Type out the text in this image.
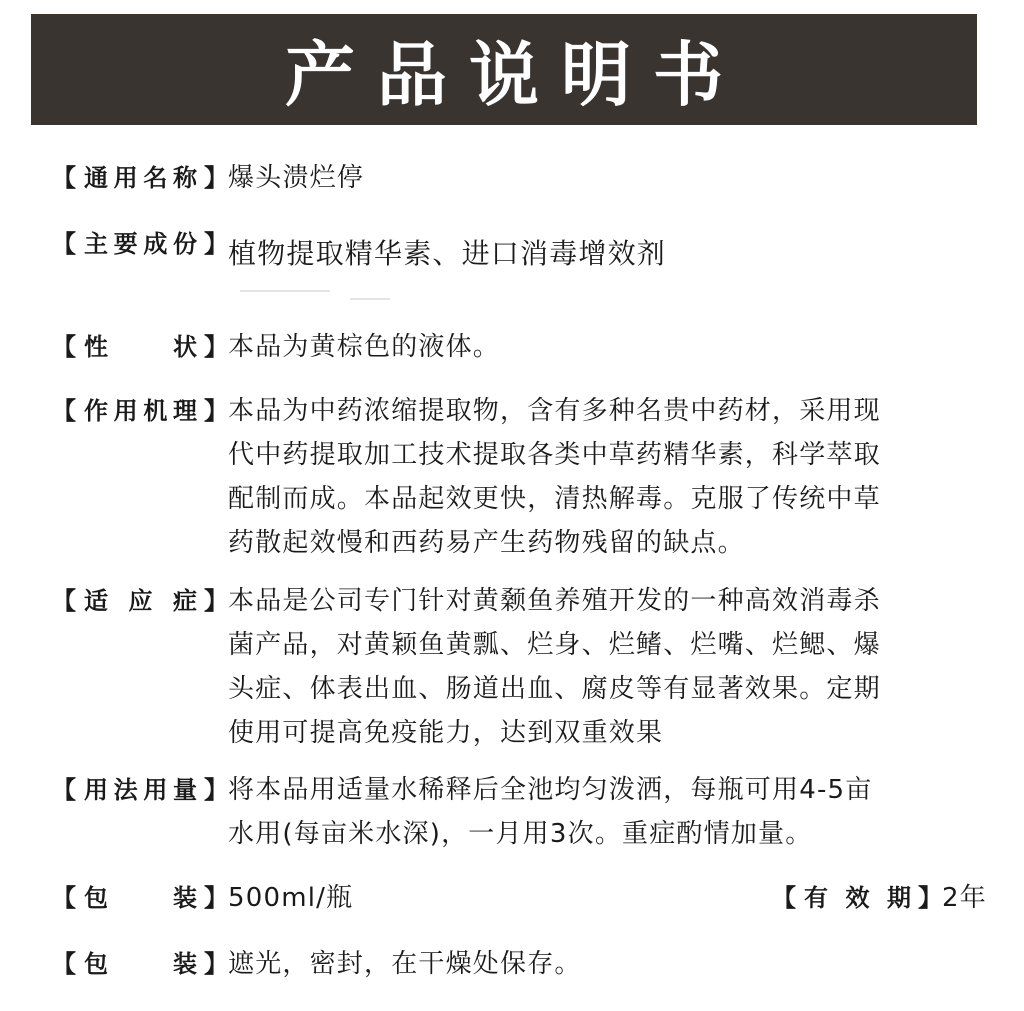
产品说明书
【 通 用 名 称 】 爆头溃烂停

【 主 要 成 份 】 植物提取精华素、进口消毒增效剂

【 性	状 】 本品为黄棕色的液体。

【 作 用 机 理 】 本品为中药浓缩提取物，含有多种名贵中药材，采用现

代中药提取加工技术提取各类中草药精华素，科学萃取

配制而成。本品起效更快，清热解毒。克服了传统中草

药散起效慢和西药易产生药物残留的缺点。

【 适 应 症 】 本品是公司专门针对黄颡鱼养殖开发的一种高效消毒杀

菌产品，对黄颖鱼黄瓢、烂身、烂鳍、烂嘴、烂鳃、爆

头症、体表出血、肠道出血、腐皮等有显著效果。定期

使用可提高免疫能力，达到双重效果

【 用 法 用 量 】 将本品用适量水稀释后全池均匀泼洒，每瓶可用4-5亩

水用(每亩米水深)，一月用3次。重症酌情加量。

【 包	装 】 500ml/瓶	【 有 效 期 】 2年

【 包	装 】 遮光，密封，在干燥处保存。
